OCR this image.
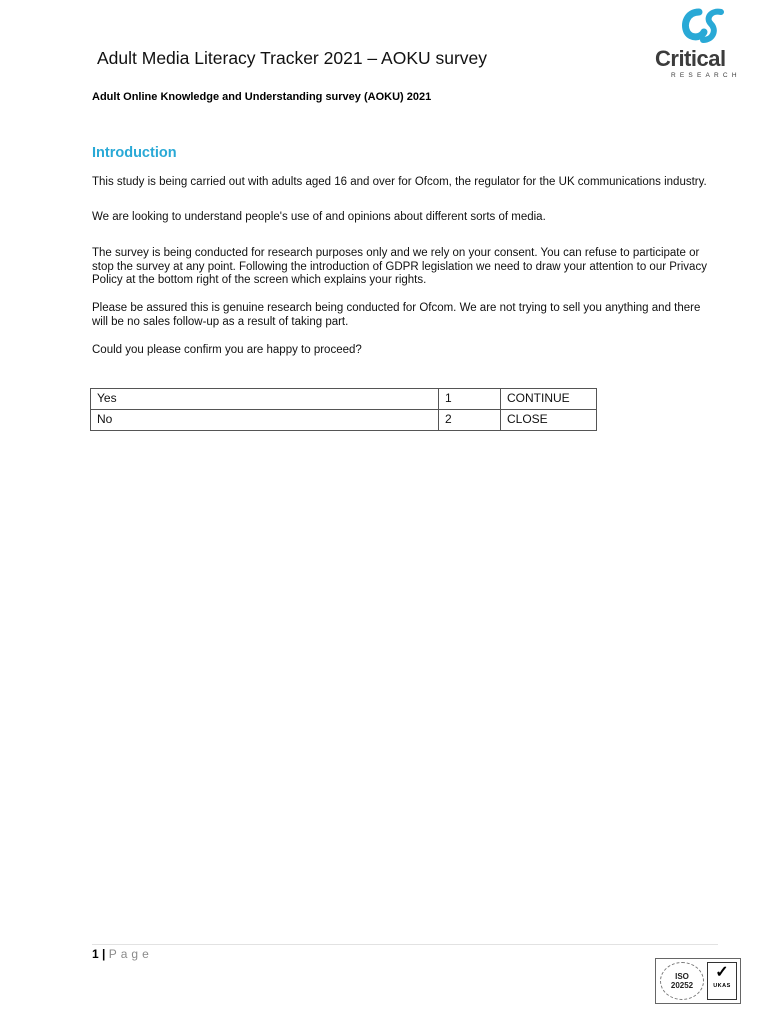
Adult Media Literacy Tracker 2021 – AOKU survey	Critical
RESEARCH
Adult Online Knowledge and Understanding survey (AOKU) 2021
Introduction

This study is being carried out with adults aged 16 and over for Ofcom, the regulator for the UK communications industry.

We are looking to understand people's use of and opinions about different sorts of media.

The survey is being conducted for research purposes only and we rely on your consent. You can refuse to participate or stop the survey at any point. Following the introduction of GDPR legislation we need to draw your attention to our Privacy Policy at the bottom right of the screen which explains your rights.

Please be assured this is genuine research being conducted for Ofcom. We are not trying to sell you anything and there will be no sales follow-up as a result of taking part.

Could you please confirm you are happy to proceed?

Yes	1	CONTINUE
No	2	CLOSE
1 | Page
ISO
20252
✓
UKAS
